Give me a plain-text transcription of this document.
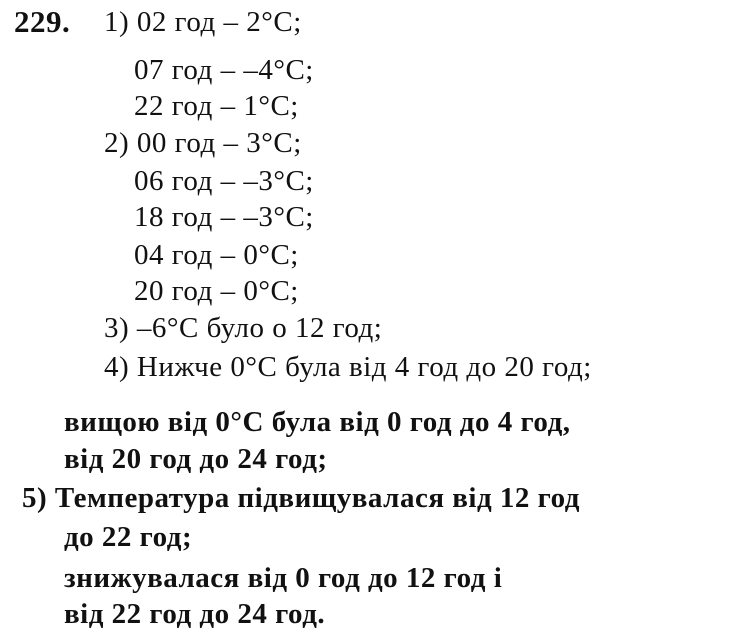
229. 1) 02 год – 2°C;
07 год – –4°C;
22 год – 1°C;
2) 00 год – 3°C;
06 год – –3°C;
18 год – –3°C;
04 год – 0°C;
20 год – 0°C;
3) –6°C було о 12 год;
4) Нижче 0°C була від 4 год до 20 год;
вищою від 0°C була від 0 год до 4 год,
від 20 год до 24 год;
5) Температура підвищувалася від 12 год
до 22 год;
знижувалася від 0 год до 12 год і
від 22 год до 24 год.
